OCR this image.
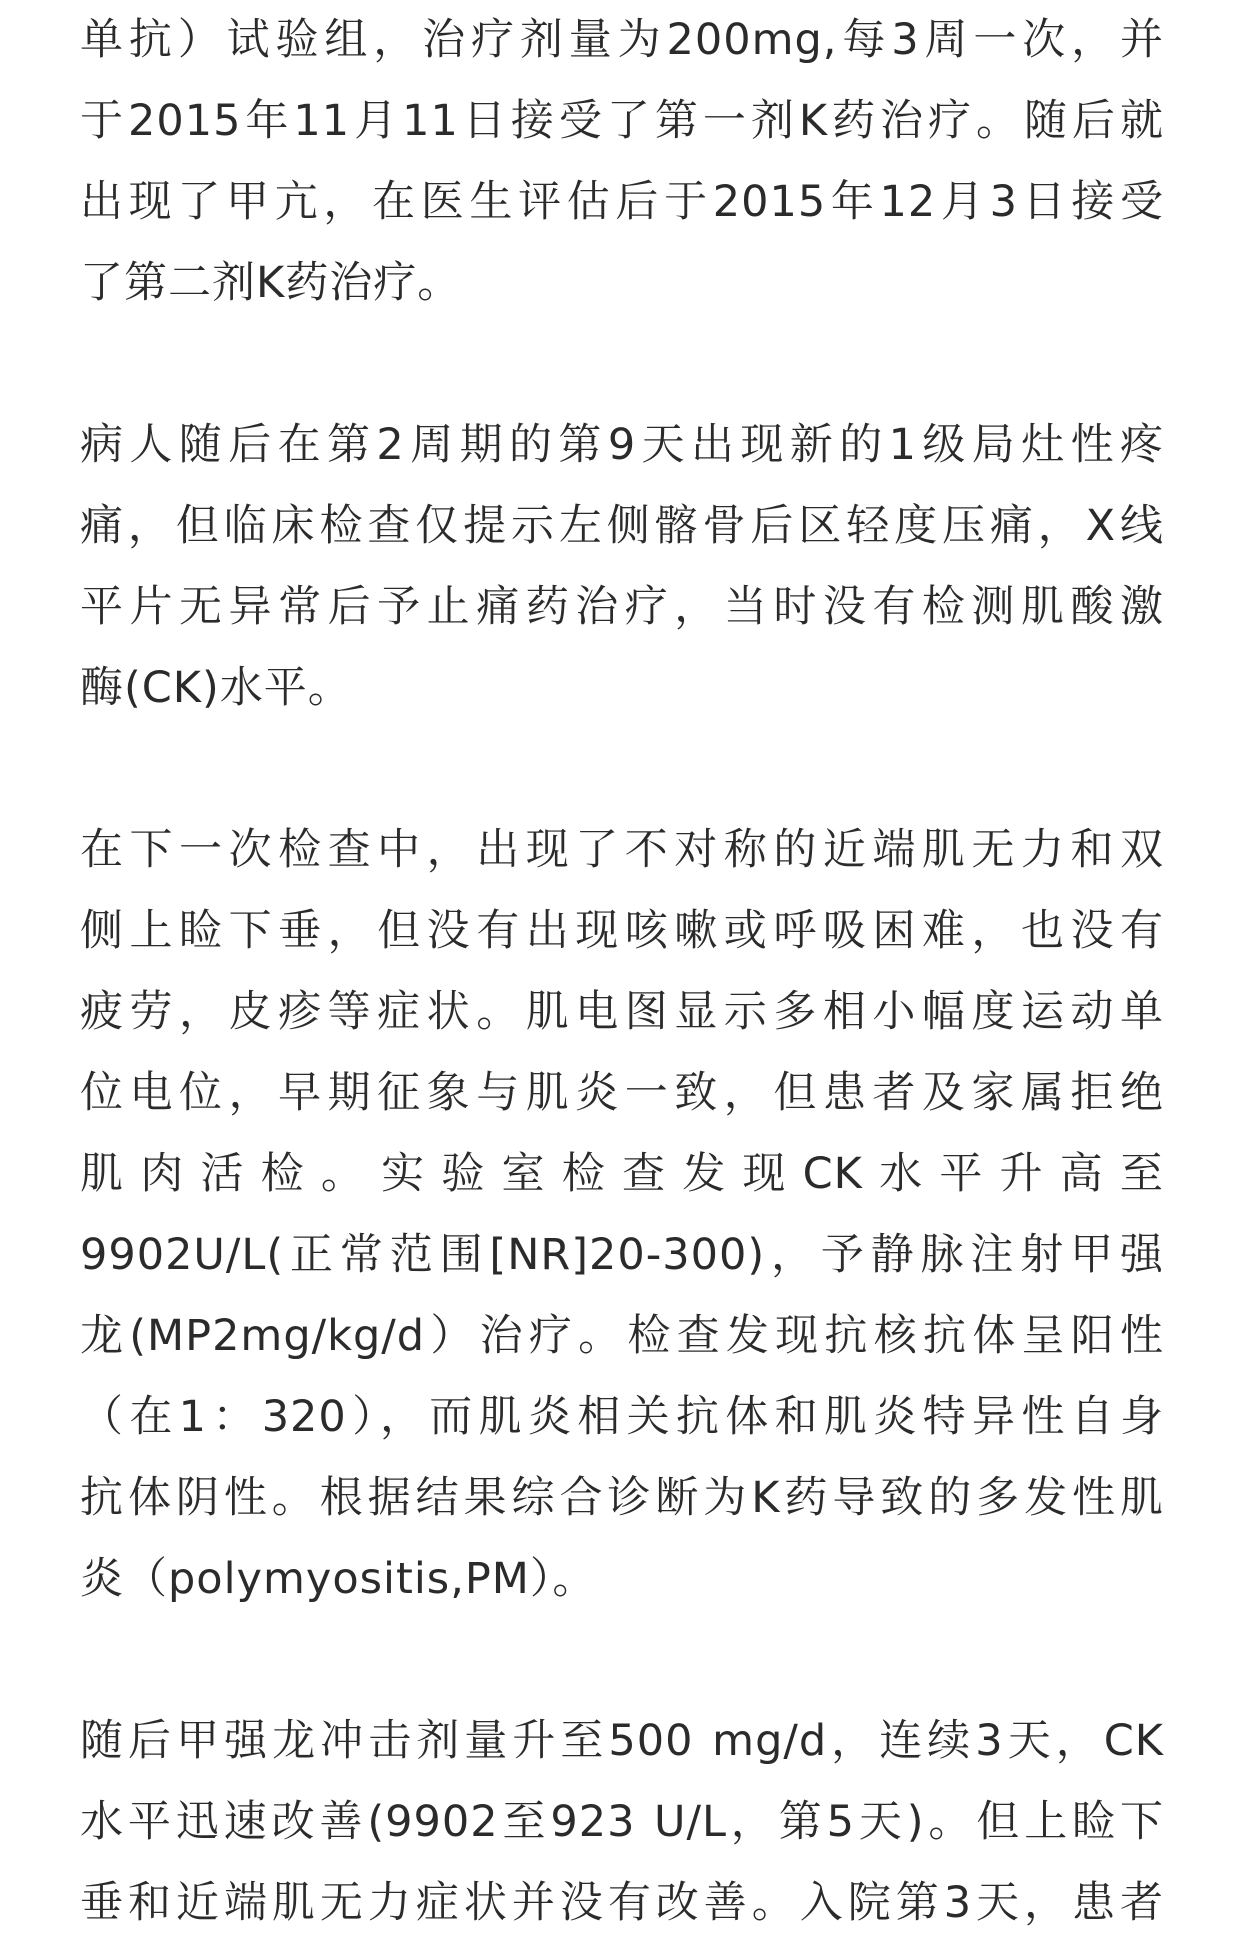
单抗）试验组，治疗剂量为200mg,每3周一次，并
于2015年11月11日接受了第一剂K药治疗。随后就
出现了甲亢，在医生评估后于2015年12月3日接受
了第二剂K药治疗。
病人随后在第2周期的第9天出现新的1级局灶性疼
痛，但临床检查仅提示左侧髂骨后区轻度压痛，X线
平片无异常后予止痛药治疗，当时没有检测肌酸激
酶(CK)水平。
在下一次检查中，出现了不对称的近端肌无力和双
侧上睑下垂，但没有出现咳嗽或呼吸困难，也没有
疲劳，皮疹等症状。肌电图显示多相小幅度运动单
位电位，早期征象与肌炎一致，但患者及家属拒绝
肌肉活检。实验室检查发现CK水平升高至
9902U/L(正常范围[NR]20-300)，予静脉注射甲强
龙(MP2mg/kg/d）治疗。检查发现抗核抗体呈阳性
（在1：320），而肌炎相关抗体和肌炎特异性自身
抗体阴性。根据结果综合诊断为K药导致的多发性肌
炎（polymyositis,PM）。
随后甲强龙冲击剂量升至500 mg/d，连续3天，CK
水平迅速改善(9902至923 U/L，第5天)。但上睑下
垂和近端肌无力症状并没有改善。入院第3天，患者
